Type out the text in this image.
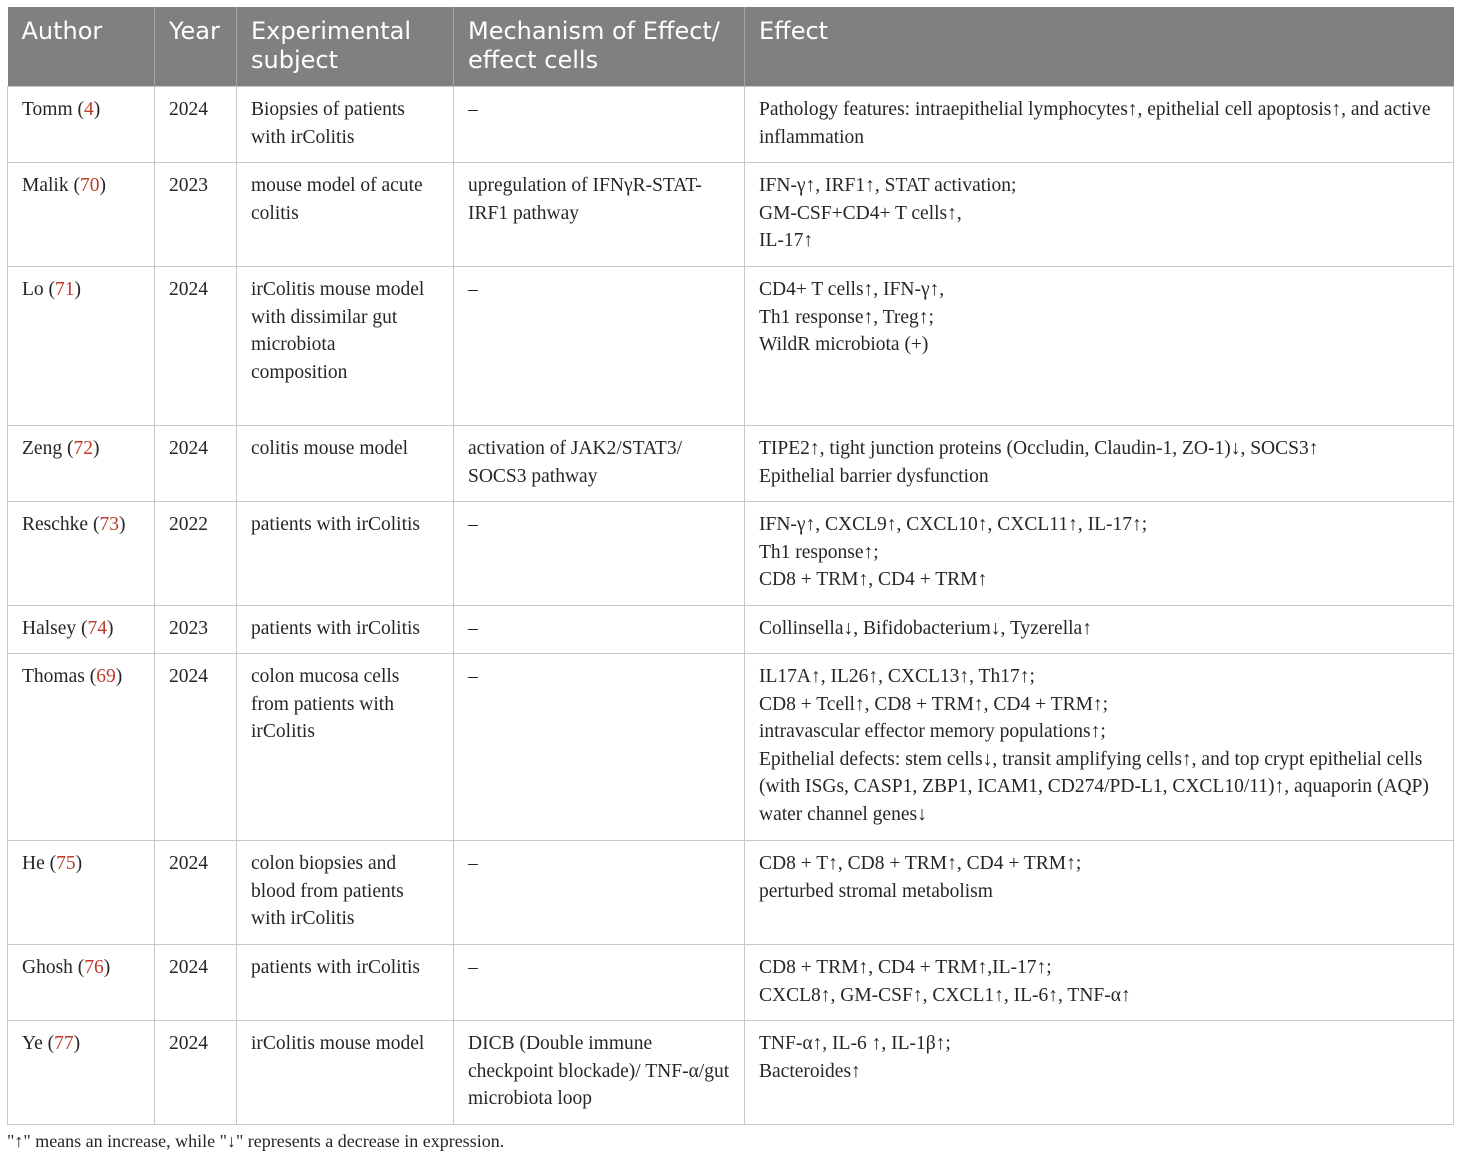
Author	Year	Experimental subject	Mechanism of Effect/ effect cells	Effect
Tomm (4)	2024	Biopsies of patients with irColitis	–	Pathology features: intraepithelial lymphocytes↑, epithelial cell apoptosis↑, and active inflammation

Malik (70)	2023	mouse model of acute colitis	upregulation of IFNγR-STAT-IRF1 pathway	IFN-γ↑, IRF1↑, STAT activation;
GM-CSF+CD4+ T cells↑,
IL-17↑

Lo (71)	2024	irColitis mouse model with dissimilar gut microbiota composition	–	CD4+ T cells↑, IFN-γ↑,
Th1 response↑, Treg↑;
WildR microbiota (+)

Zeng (72)	2024	colitis mouse model	activation of JAK2/STAT3/ SOCS3 pathway	TIPE2↑, tight junction proteins (Occludin, Claudin-1, ZO-1)↓, SOCS3↑
Epithelial barrier dysfunction

Reschke (73)	2022	patients with irColitis	–	IFN-γ↑, CXCL9↑, CXCL10↑, CXCL11↑, IL-17↑;
Th1 response↑;
CD8 + TRM↑, CD4 + TRM↑

Halsey (74)	2023	patients with irColitis	–	Collinsella↓, Bifidobacterium↓, Tyzerella↑

Thomas (69)	2024	colon mucosa cells from patients with irColitis	–	IL17A↑, IL26↑, CXCL13↑, Th17↑;
CD8 + Tcell↑, CD8 + TRM↑, CD4 + TRM↑;
intravascular effector memory populations↑;
Epithelial defects: stem cells↓, transit amplifying cells↑, and top crypt epithelial cells (with ISGs, CASP1, ZBP1, ICAM1, CD274/PD-L1, CXCL10/11)↑, aquaporin (AQP) water channel genes↓

He (75)	2024	colon biopsies and blood from patients with irColitis	–	CD8 + T↑, CD8 + TRM↑, CD4 + TRM↑;
perturbed stromal metabolism

Ghosh (76)	2024	patients with irColitis	–	CD8 + TRM↑, CD4 + TRM↑,IL-17↑;
CXCL8↑, GM-CSF↑, CXCL1↑, IL-6↑, TNF-α↑

Ye (77)	2024	irColitis mouse model	DICB (Double immune checkpoint blockade)/ TNF-α/gut microbiota loop	TNF-α↑, IL-6 ↑, IL-1β↑;
Bacteroides↑
"↑" means an increase, while "↓" represents a decrease in expression.
